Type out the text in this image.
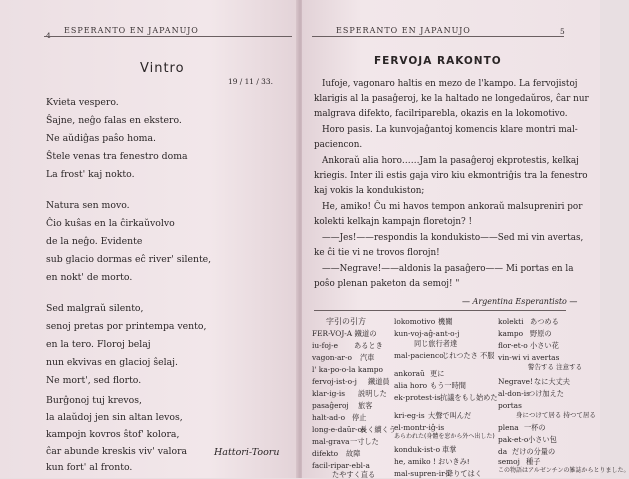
ESPERANTO EN JAPANUJO
Vintro
19 / 11 / 33.
Kvieta vespero.
Ŝajne, neĝo falas en ekstero.
Ne aŭdiĝas paŝo homa.
Ŝtele venas tra fenestro doma
La frost' kaj nokto.
Natura sen movo.
Ĉio kuŝas en la ĉirkaŭvolvo
de la neĝo. Evidente
sub glacio dormas eĉ river' silente,
en nokt' de morto.
Sed malgraŭ silento,
senoj pretas por printempa vento,
en la tero. Floroj belaj
nun ekvivas en glacioj ŝelaj.
Ne mort', sed florto.
Burĝonoj tuj krevos,
la alaŭdoj jen sin altan levos,
kampojn kovros ŝtof' kolora,
ĉar abunde kreskis viv' valora
kun fort' al fronto.
Hattori-Tooru
ESPERANTO EN JAPANUJO	5
FERVOJA RAKONTO
Iufoje, vagonaro haltis en mezo de l'kampo. La fervojistoj
klarigis al la pasaĝeroj, ke la haltado ne longedaŭros, ĉar nur
malgrava difekto, facilriparebla, okazis en la lokomotivo.
Horo pasis. La kunvojaĝantoj komencis klare montri mal-
paciencon.
Ankoraŭ alia horo……Jam la pasaĝeroj ekprotestis, kelkaj
kriegis. Inter ili estis gaja viro kiu ekmontriĝis tra la fenestro
kaj vokis la kondukiston;
He, amiko! Ĉu mi havos tempon ankoraŭ malsupreniri por
kolekti kelkajn kampajn floretojn? !
——Jes!——respondis la kondukisto——Sed mi vin avertas,
ke ĉi tie vi ne trovos florojn!
——Negrave!——aldonis la pasaĝero—— Mi portas en la
poŝo plenan paketon da semoj! "
— Argentina Esperantisto —
字引の引方
FER-VOJ-A 鐵道の
iu-foj-e あるとき
vagon-ar-o 汽車
l' ka-po-o-la kampo
fervoj-ist-o-j 鐵道員
klar-ig-is 説明した
pasaĝeroj 旅客
halt-ad-o 停止
long-e-daŭr-os
長く續くう
mal-grava 一寸した
difekto 故障
facil-ripar-ebl-a
たやすく直る
lokomotivo 機關
kun-voj-aĝ-ant-o-j
同じ旅行者達
mal-pacienco
じれつたさ 不服
ankoraŭ 更に
alia horo もう一時間
ek-protest-is 抗議をもし始めた
kri-eg-is 大聲で叫んだ
el-montr-iĝ-is
あらわれた(身體を窓から外へ出した)
konduk-ist-o 車掌
he, amiko ! おいきみ!
mal-supren-ir-i
降りてはく
kolekti あつめる
kampo 野原の
flor-et-o 小さい花
vin-wi vi avertas
警告する 注意する
Negrave! なに大丈夫
al-don-is
つけ加えた
portas
身につけて居る 持つて居る
plena 一杯の
pak-et-o 小さい包
da だけの分量の
semoj 種子
この物語はアルゼンチンの雑誌からとりました。
